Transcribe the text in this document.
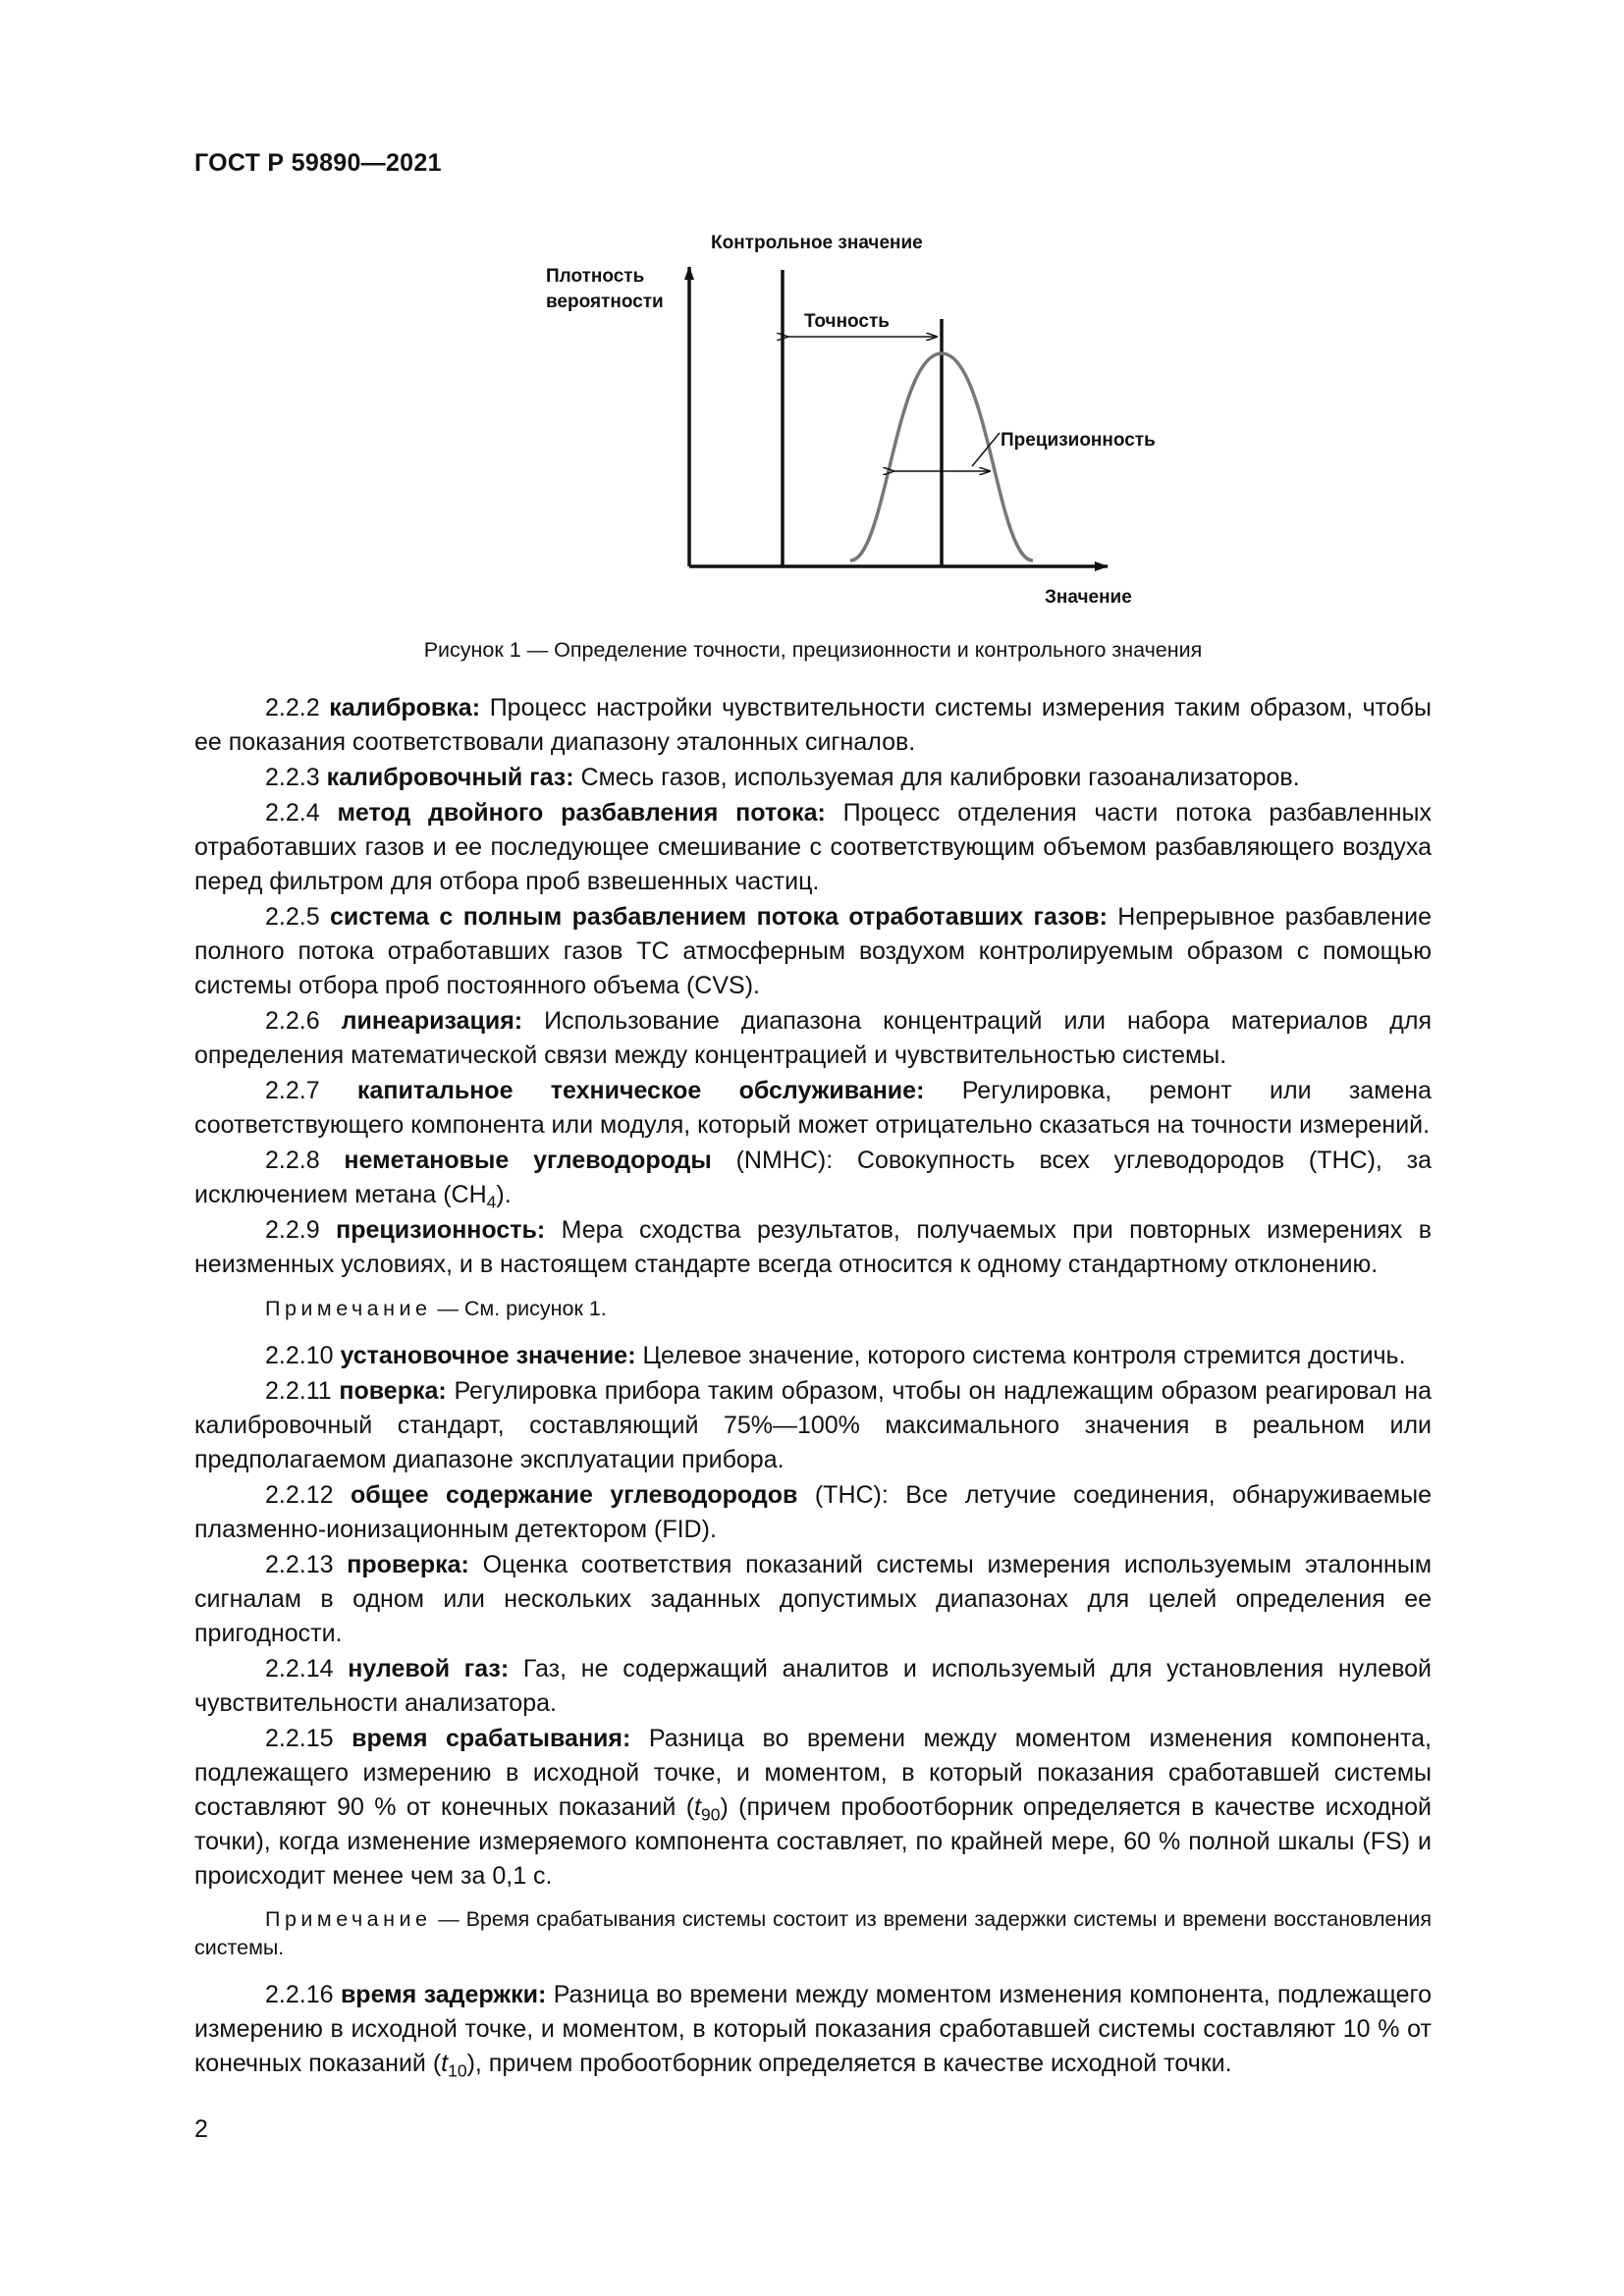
ГОСТ Р 59890—2021
Контрольное значение
Плотность
вероятности
Точность
Прецизионность
Значение
Рисунок 1 — Определение точности, прецизионности и контрольного значения

2.2.2 калибровка: Процесс настройки чувствительности системы измерения таким образом, чтобы ее показания соответствовали диапазону эталонных сигналов.

2.2.3 калибровочный газ: Смесь газов, используемая для калибровки газоанализаторов.

2.2.4 метод двойного разбавления потока: Процесс отделения части потока разбавленных отработавших газов и ее последующее смешивание с соответствующим объемом разбавляющего воздуха перед фильтром для отбора проб взвешенных частиц.

2.2.5 система с полным разбавлением потока отработавших газов: Непрерывное разбавление полного потока отработавших газов ТС атмосферным воздухом контролируемым образом с помощью системы отбора проб постоянного объема (CVS).

2.2.6 линеаризация: Использование диапазона концентраций или набора материалов для определения математической связи между концентрацией и чувствительностью системы.

2.2.7 капитальное техническое обслуживание: Регулировка, ремонт или замена соответствующего компонента или модуля, который может отрицательно сказаться на точности измерений.

2.2.8 неметановые углеводороды (NMHC): Совокупность всех углеводородов (THC), за исключением метана $(CH_4)$.

2.2.9 прецизионность: Мера сходства результатов, получаемых при повторных измерениях в неизменных условиях, и в настоящем стандарте всегда относится к одному стандартному отклонению.

Примечание — См. рисунок 1.

2.2.10 установочное значение: Целевое значение, которого система контроля стремится достичь.

2.2.11 поверка: Регулировка прибора таким образом, чтобы он надлежащим образом реагировал на калибровочный стандарт, составляющий 75%—100% максимального значения в реальном или предполагаемом диапазоне эксплуатации прибора.

2.2.12 общее содержание углеводородов (THC): Все летучие соединения, обнаруживаемые плазменно-ионизационным детектором (FID).

2.2.13 проверка: Оценка соответствия показаний системы измерения используемым эталонным сигналам в одном или нескольких заданных допустимых диапазонах для целей определения ее пригодности.

2.2.14 нулевой газ: Газ, не содержащий аналитов и используемый для установления нулевой чувствительности анализатора.

2.2.15 время срабатывания: Разница во времени между моментом изменения компонента, подлежащего измерению в исходной точке, и моментом, в который показания сработавшей системы составляют 90 % от конечных показаний $(t_{90})$ (причем пробоотборник определяется в качестве исходной точки), когда изменение измеряемого компонента составляет, по крайней мере, 60 % полной шкалы (FS) и происходит менее чем за 0,1 с.

Примечание — Время срабатывания системы состоит из времени задержки системы и времени восстановления системы.

2.2.16 время задержки: Разница во времени между моментом изменения компонента, подлежащего измерению в исходной точке, и моментом, в который показания сработавшей системы составляют 10 % от конечных показаний $(t_{10})$, причем пробоотборник определяется в качестве исходной точки.

2
